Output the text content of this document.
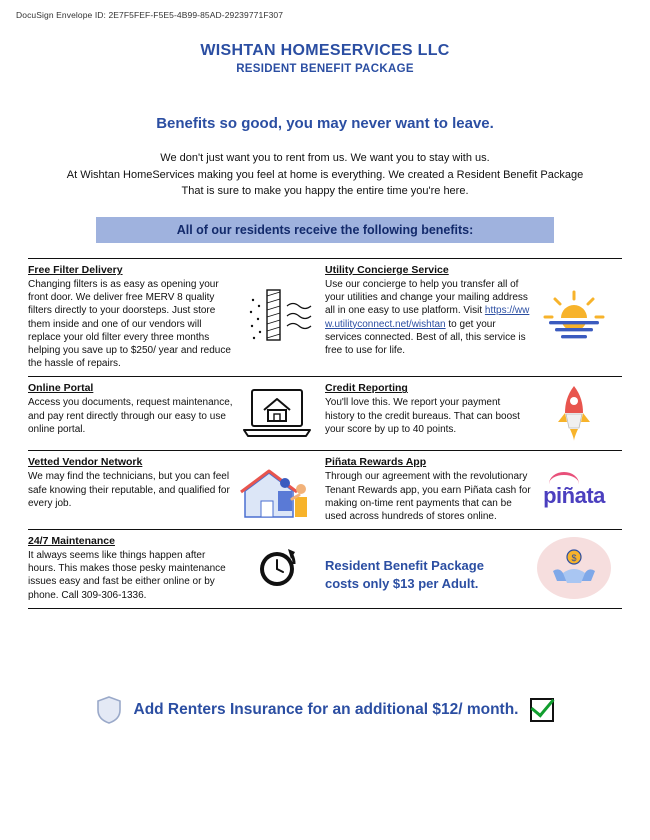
DocuSign Envelope ID: 2E7F5FEF-F5E5-4B99-85AD-29239771F307
WISHTAN HOMESERVICES LLC
RESIDENT BENEFIT PACKAGE
Benefits so good, you may never want to leave.
We don't just want you to rent from us. We want you to stay with us.
At Wishtan HomeServices making you feel at home is everything. We created a Resident Benefit Package
That is sure to make you happy the entire time you're here.
All of our residents receive the following benefits:
Free Filter Delivery
Changing filters is as easy as opening your front door. We deliver free MERV 8 quality filters directly to your doorsteps. Just store them inside and one of our vendors will replace your old filter every three months helping you save up to $250/ year and reduce the hassle of repairs.
Utility Concierge Service
Use our concierge to help you transfer all of your utilities and change your mailing address all in one easy to use platform. Visit https://www.utilityconnect.net/wishtan to get your services connected. Best of all, this service is free to use for life.
Online Portal
Access you documents, request maintenance, and pay rent directly through our easy to use online portal.
Credit Reporting
You'll love this. We report your payment history to the credit bureaus. That can boost your score by up to 40 points.
Vetted Vendor Network
We may find the technicians, but you can feel safe knowing their reputable, and qualified for every job.
Piñata Rewards App
Through our agreement with the revolutionary Tenant Rewards app, you earn Piñata cash for making on-time rent payments that can be used across hundreds of stores online.
piñata
24/7 Maintenance
It always seems like things happen after hours. This makes those pesky maintenance issues easy and fast be either online or by phone. Call 309-306-1336.
Resident Benefit Package
costs only $13 per Adult.
$
Add Renters Insurance for an additional $12/ month.
